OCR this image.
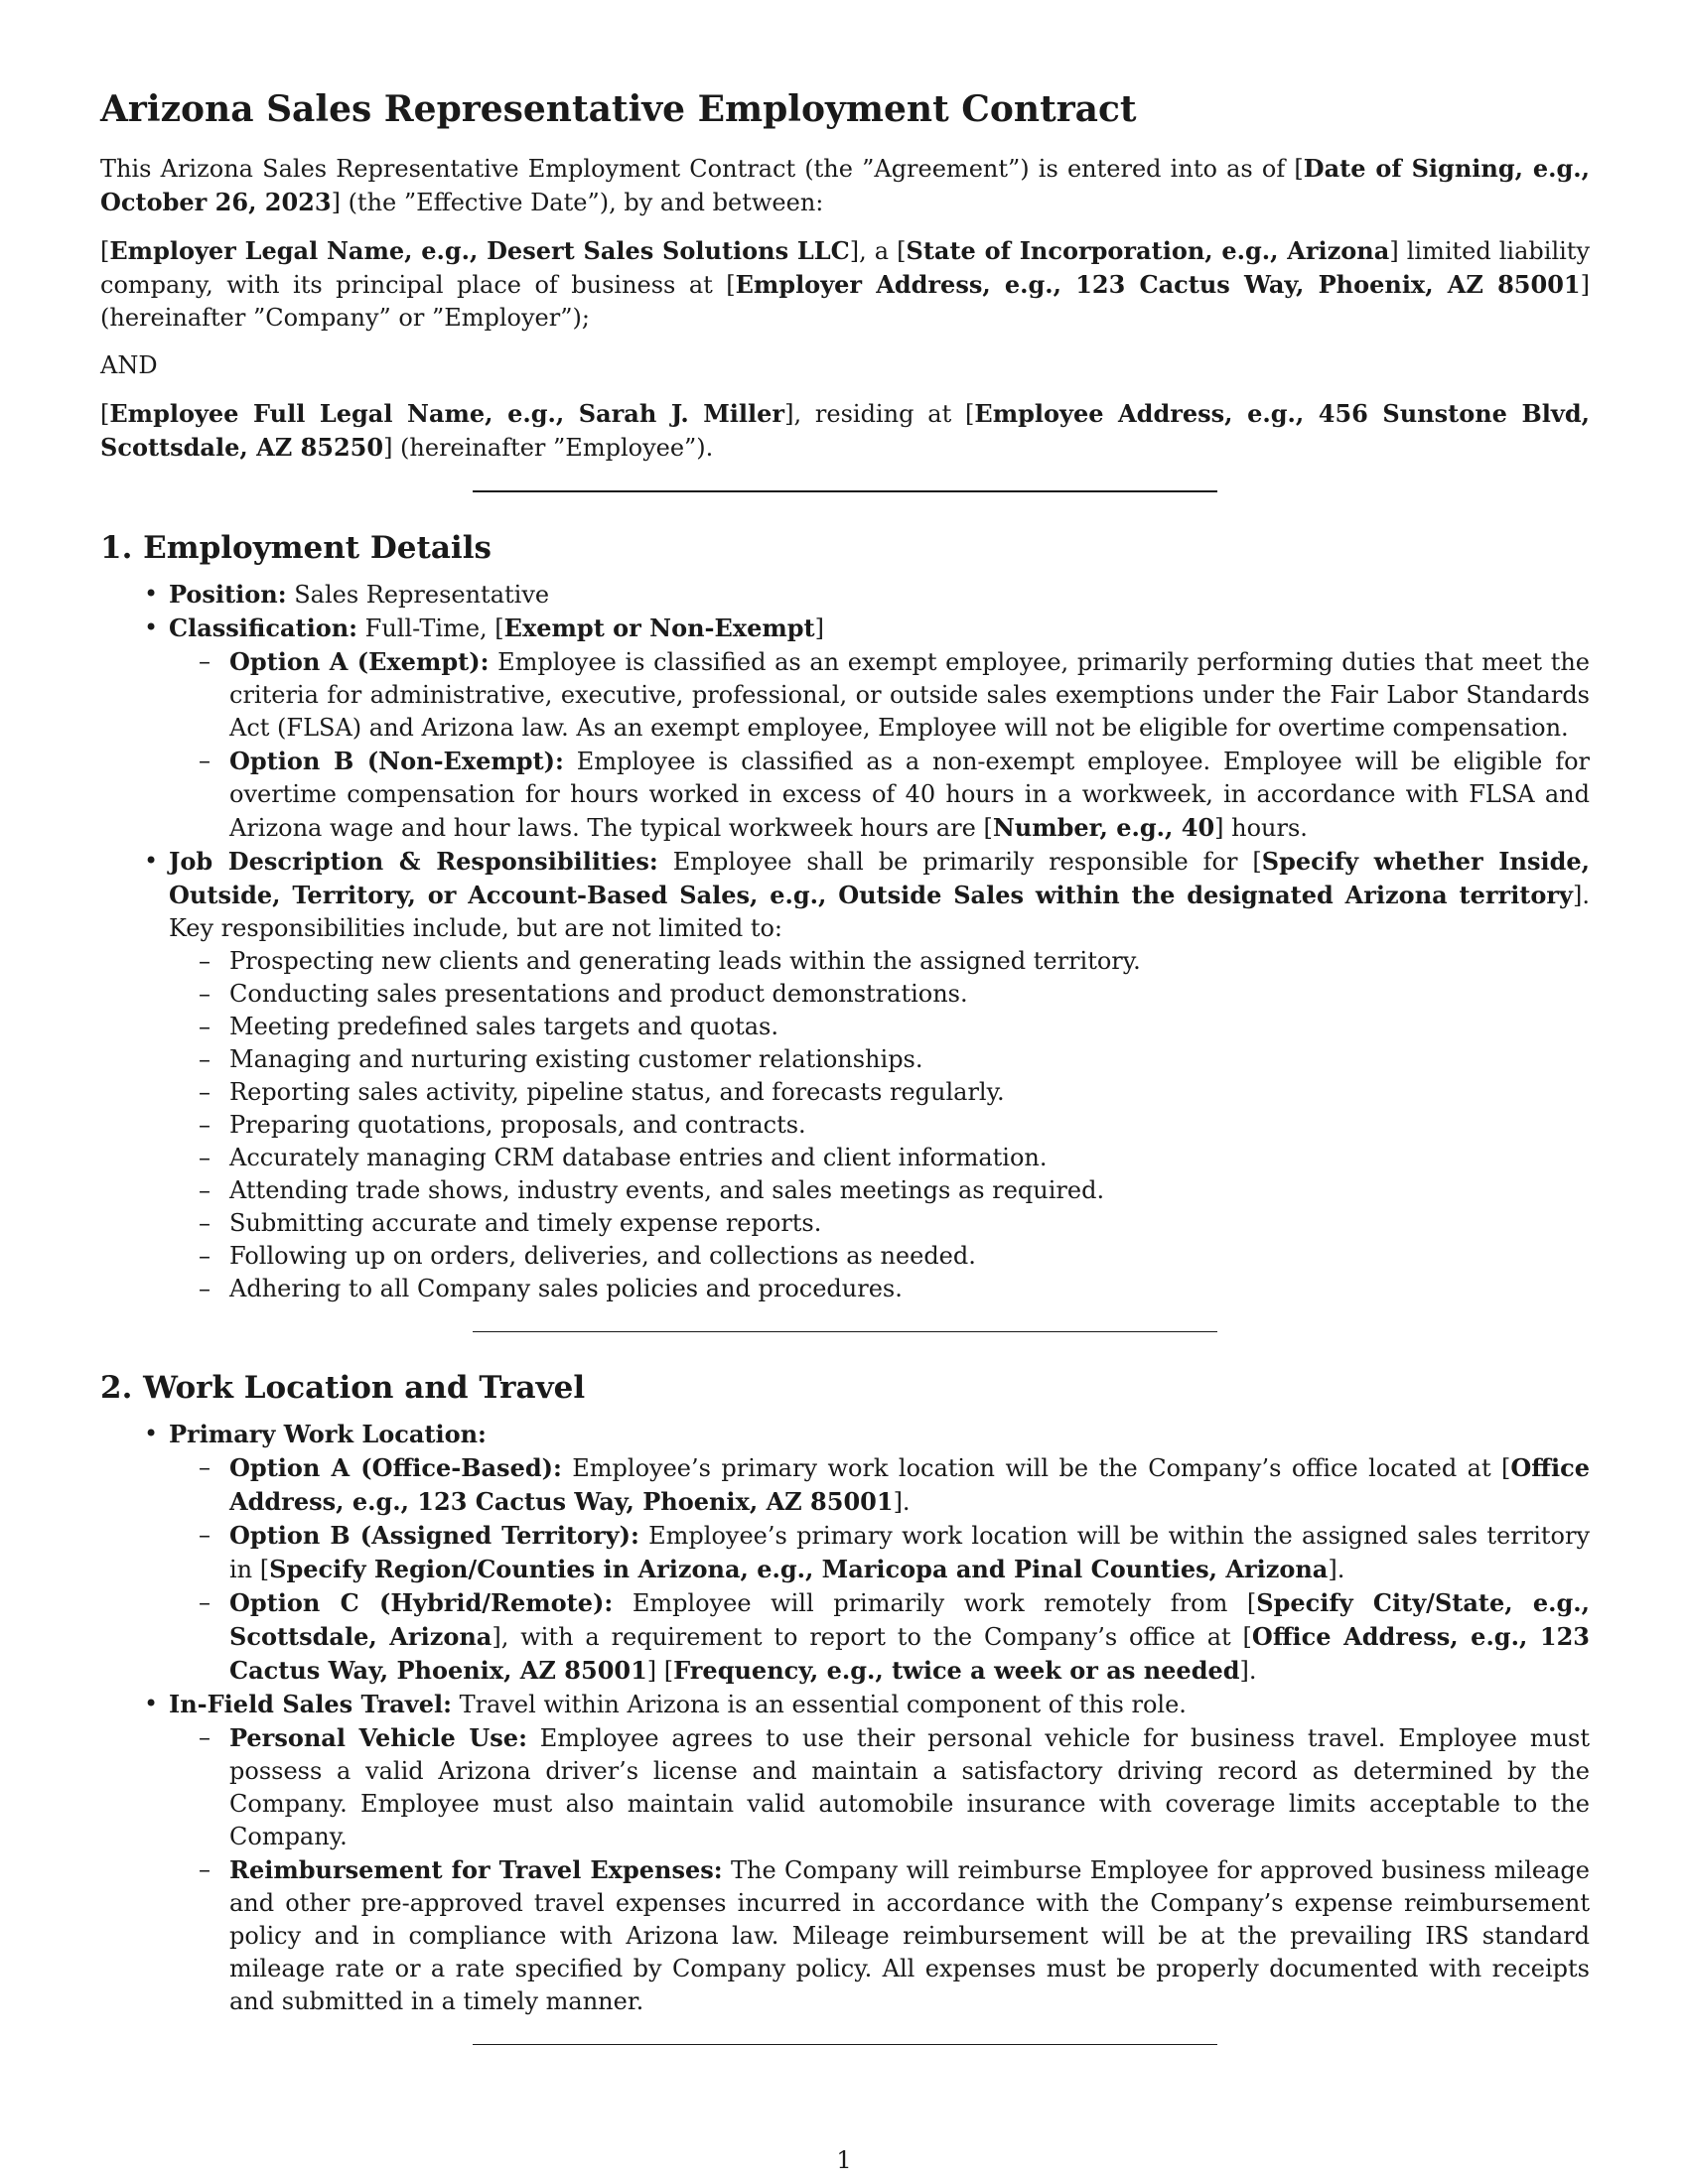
Arizona Sales Representative Employment Contract

This Arizona Sales Representative Employment Contract (the ”Agreement”) is entered into as of [Date of Signing, e.g., October 26, 2023] (the ”Effective Date”), by and between:

[Employer Legal Name, e.g., Desert Sales Solutions LLC], a [State of Incorporation, e.g., Arizona] limited liability company, with its principal place of business at [Employer Address, e.g., 123 Cactus Way, Phoenix, AZ 85001] (hereinafter ”Company” or ”Employer”);

AND

[Employee Full Legal Name, e.g., Sarah J. Miller], residing at [Employee Address, e.g., 456 Sunstone Blvd, Scottsdale, AZ 85250] (hereinafter ”Employee”).

1. Employment Details
• Position: Sales Representative
• Classification: Full-Time, [Exempt or Non-Exempt]
– Option A (Exempt): Employee is classified as an exempt employee, primarily performing duties that meet the criteria for administrative, executive, professional, or outside sales exemptions under the Fair Labor Standards Act (FLSA) and Arizona law. As an exempt employee, Employee will not be eligible for overtime compensation.
– Option B (Non-Exempt): Employee is classified as a non-exempt employee. Employee will be eligible for overtime compensation for hours worked in excess of 40 hours in a workweek, in accordance with FLSA and Arizona wage and hour laws. The typical workweek hours are [Number, e.g., 40] hours.
• Job Description & Responsibilities: Employee shall be primarily responsible for [Specify whether Inside, Outside, Territory, or Account-Based Sales, e.g., Outside Sales within the designated Arizona territory]. Key responsibilities include, but are not limited to:
– Prospecting new clients and generating leads within the assigned territory.
– Conducting sales presentations and product demonstrations.
– Meeting predefined sales targets and quotas.
– Managing and nurturing existing customer relationships.
– Reporting sales activity, pipeline status, and forecasts regularly.
– Preparing quotations, proposals, and contracts.
– Accurately managing CRM database entries and client information.
– Attending trade shows, industry events, and sales meetings as required.
– Submitting accurate and timely expense reports.
– Following up on orders, deliveries, and collections as needed.
– Adhering to all Company sales policies and procedures.
2. Work Location and Travel
• Primary Work Location:
– Option A (Office-Based): Employee’s primary work location will be the Company’s office located at [Office Address, e.g., 123 Cactus Way, Phoenix, AZ 85001].
– Option B (Assigned Territory): Employee’s primary work location will be within the assigned sales territory in [Specify Region/Counties in Arizona, e.g., Maricopa and Pinal Counties, Arizona].
– Option C (Hybrid/Remote): Employee will primarily work remotely from [Specify City/State, e.g., Scottsdale, Arizona], with a requirement to report to the Company’s office at [Office Address, e.g., 123 Cactus Way, Phoenix, AZ 85001] [Frequency, e.g., twice a week or as needed].
• In-Field Sales Travel: Travel within Arizona is an essential component of this role.
– Personal Vehicle Use: Employee agrees to use their personal vehicle for business travel. Employee must possess a valid Arizona driver’s license and maintain a satisfactory driving record as determined by the Company. Employee must also maintain valid automobile insurance with coverage limits acceptable to the Company.
– Reimbursement for Travel Expenses: The Company will reimburse Employee for approved business mileage and other pre-approved travel expenses incurred in accordance with the Company’s expense reimbursement policy and in compliance with Arizona law. Mileage reimbursement will be at the prevailing IRS standard mileage rate or a rate specified by Company policy. All expenses must be properly documented with receipts and submitted in a timely manner.
1
